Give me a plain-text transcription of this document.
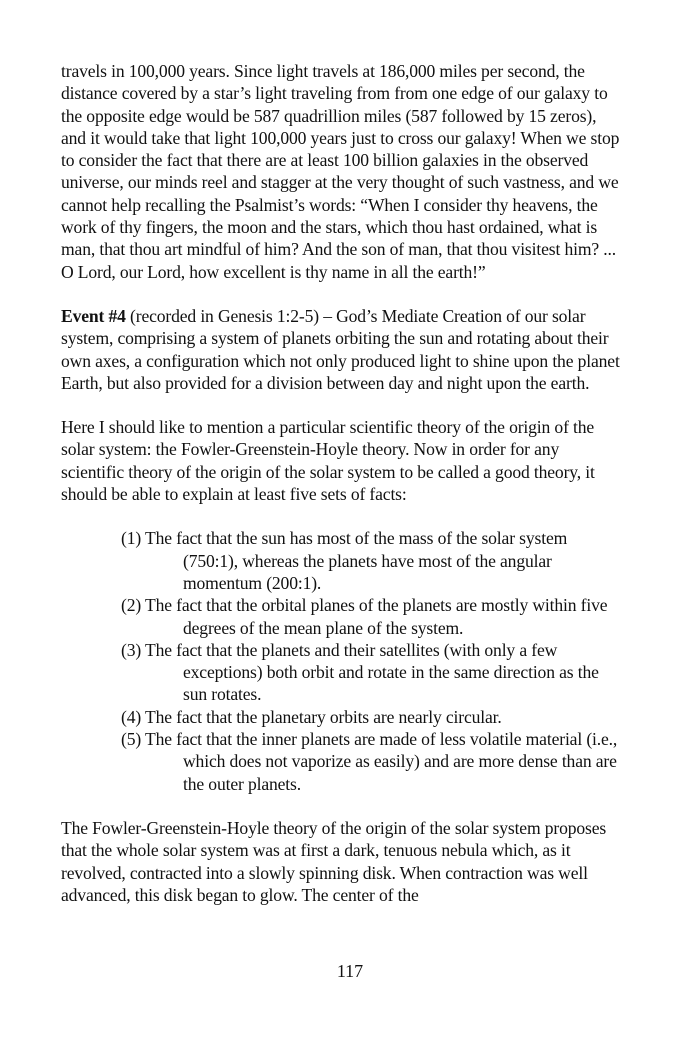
travels in 100,000 years. Since light travels at 186,000 miles per second, the distance covered by a star’s light traveling from from one edge of our galaxy to the opposite edge would be 587 quadrillion miles (587 followed by 15 zeros), and it would take that light 100,000 years just to cross our galaxy! When we stop to consider the fact that there are at least 100 billion galaxies in the observed universe, our minds reel and stagger at the very thought of such vastness, and we cannot help recalling the Psalmist’s words: “When I consider thy heavens, the work of thy fingers, the moon and the stars, which thou hast ordained, what is man, that thou art mindful of him? And the son of man, that thou visitest him? ... O Lord, our Lord, how excellent is thy name in all the earth!”

Event #4 (recorded in Genesis 1:2-5) – God’s Mediate Creation of our solar system, comprising a system of planets orbiting the sun and rotating about their own axes, a configuration which not only produced light to shine upon the planet Earth, but also provided for a division between day and night upon the earth.

Here I should like to mention a particular scientific theory of the origin of the solar system: the Fowler-Greenstein-Hoyle theory. Now in order for any scientific theory of the origin of the solar system to be called a good theory, it should be able to explain at least five sets of facts:

(1) The fact that the sun has most of the mass of the solar system (750:1), whereas the planets have most of the angular momentum (200:1).
(2) The fact that the orbital planes of the planets are mostly within five degrees of the mean plane of the system.
(3) The fact that the planets and their satellites (with only a few exceptions) both orbit and rotate in the same direction as the sun rotates.
(4) The fact that the planetary orbits are nearly circular.
(5) The fact that the inner planets are made of less volatile material (i.e., which does not vaporize as easily) and are more dense than are the outer planets.

The Fowler-Greenstein-Hoyle theory of the origin of the solar system proposes that the whole solar system was at first a dark, tenuous nebula which, as it revolved, contracted into a slowly spinning disk. When contraction was well advanced, this disk began to glow. The center of the

117
